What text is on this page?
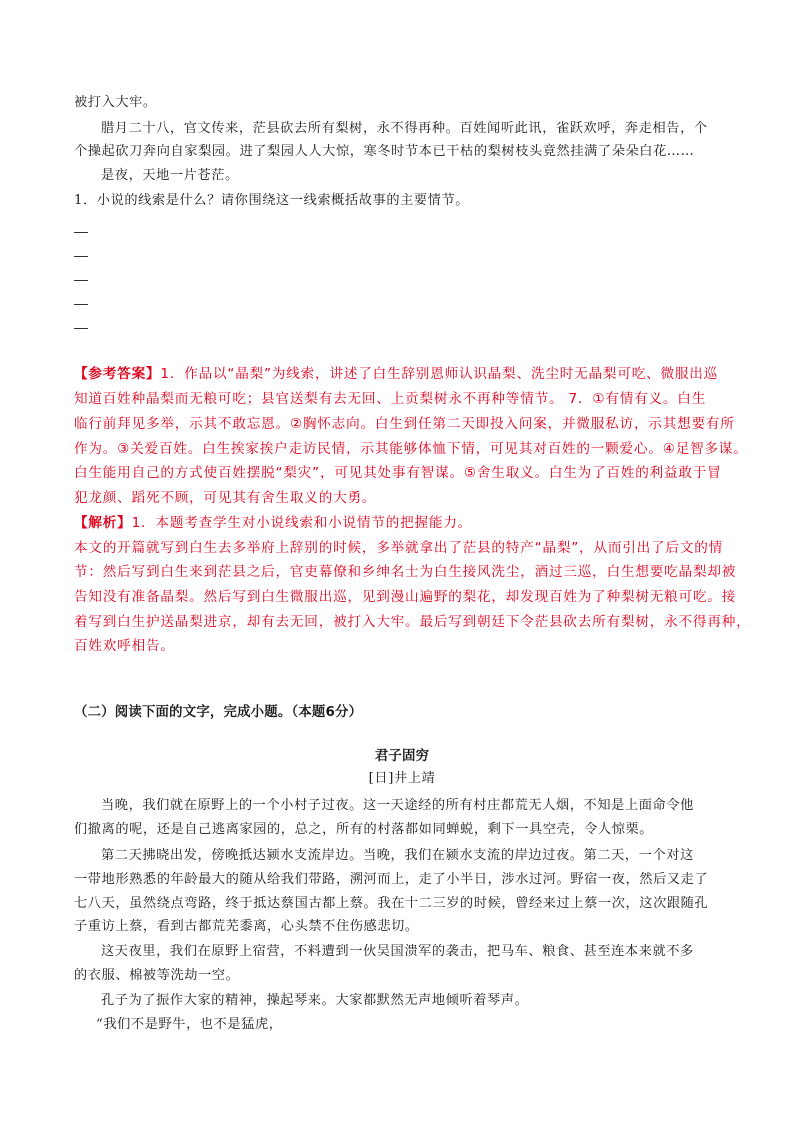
被打入大牢。
腊月二十八，官文传来，茫县砍去所有梨树，永不得再种。百姓闻听此讯，雀跃欢呼，奔走相告，个
个操起砍刀奔向自家梨园。进了梨园人人大惊，寒冬时节本已干枯的梨树枝头竟然挂满了朵朵白花……
是夜，天地一片苍茫。
1．小说的线索是什么？请你围绕这一线索概括故事的主要情节。
【参考答案】1．作品以“晶梨”为线索，讲述了白生辞别恩师认识晶梨、洗尘时无晶梨可吃、微服出巡
知道百姓种晶梨而无粮可吃；县官送梨有去无回、上贡梨树永不再种等情节。 7．①有情有义。白生
临行前拜见多举，示其不敢忘恩。②胸怀志向。白生到任第二天即投入问案，并微服私访，示其想要有所
作为。③关爱百姓。白生挨家挨户走访民情，示其能够体恤下情，可见其对百姓的一颗爱心。④足智多谋。
白生能用自己的方式使百姓摆脱“梨灾”，可见其处事有智谋。⑤舍生取义。白生为了百姓的利益敢于冒
犯龙颜、蹈死不顾，可见其有舍生取义的大勇。
【解析】1．本题考查学生对小说线索和小说情节的把握能力。
本文的开篇就写到白生去多举府上辞别的时候，多举就拿出了茫县的特产“晶梨”，从而引出了后文的情
节：然后写到白生来到茫县之后，官吏幕僚和乡绅名士为白生接风洗尘，酒过三巡，白生想要吃晶梨却被
告知没有准备晶梨。然后写到白生微服出巡，见到漫山遍野的梨花，却发现百姓为了种梨树无粮可吃。接
着写到白生护送晶梨进京，却有去无回，被打入大牢。最后写到朝廷下令茫县砍去所有梨树，永不得再种，
百姓欢呼相告。
（二）阅读下面的文字，完成小题。（本题6分）
君子固穷
[日]井上靖
当晚，我们就在原野上的一个小村子过夜。这一天途经的所有村庄都荒无人烟，不知是上面命令他
们撤离的呢，还是自己逃离家园的，总之，所有的村落都如同蝉蜕，剩下一具空壳，令人惊栗。
第二天拂晓出发，傍晚抵达颍水支流岸边。当晚，我们在颍水支流的岸边过夜。第二天，一个对这
一带地形熟悉的年龄最大的随从给我们带路，溯河而上，走了小半日，涉水过河。野宿一夜，然后又走了
七八天，虽然绕点弯路，终于抵达蔡国古都上蔡。我在十二三岁的时候，曾经来过上蔡一次，这次跟随孔
子重访上蔡，看到古都荒芜黍离，心头禁不住伤感悲切。
这天夜里，我们在原野上宿营，不料遭到一伙吴国溃军的袭击，把马车、粮食、甚至连本来就不多
的衣服、棉被等洗劫一空。
孔子为了振作大家的精神，操起琴来。大家都默然无声地倾听着琴声。
“我们不是野牛，也不是猛虎，
